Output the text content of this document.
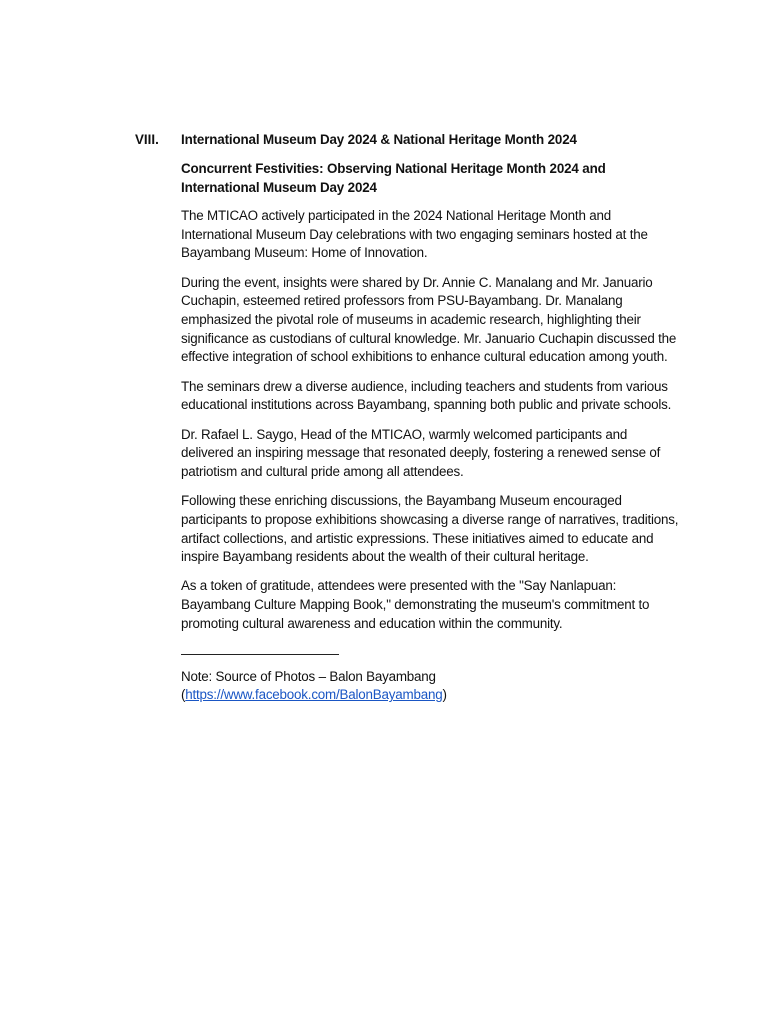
VIII. International Museum Day 2024 & National Heritage Month 2024

Concurrent Festivities: Observing National Heritage Month 2024 and International Museum Day 2024

The MTICAO actively participated in the 2024 National Heritage Month and International Museum Day celebrations with two engaging seminars hosted at the Bayambang Museum: Home of Innovation.

During the event, insights were shared by Dr. Annie C. Manalang and Mr. Januario Cuchapin, esteemed retired professors from PSU-Bayambang. Dr. Manalang emphasized the pivotal role of museums in academic research, highlighting their significance as custodians of cultural knowledge. Mr. Januario Cuchapin discussed the effective integration of school exhibitions to enhance cultural education among youth.

The seminars drew a diverse audience, including teachers and students from various educational institutions across Bayambang, spanning both public and private schools.

Dr. Rafael L. Saygo, Head of the MTICAO, warmly welcomed participants and delivered an inspiring message that resonated deeply, fostering a renewed sense of patriotism and cultural pride among all attendees.

Following these enriching discussions, the Bayambang Museum encouraged participants to propose exhibitions showcasing a diverse range of narratives, traditions, artifact collections, and artistic expressions. These initiatives aimed to educate and inspire Bayambang residents about the wealth of their cultural heritage.

As a token of gratitude, attendees were presented with the "Say Nanlapuan: Bayambang Culture Mapping Book," demonstrating the museum's commitment to promoting cultural awareness and education within the community.

Note: Source of Photos – Balon Bayambang

(https://www.facebook.com/BalonBayambang)
